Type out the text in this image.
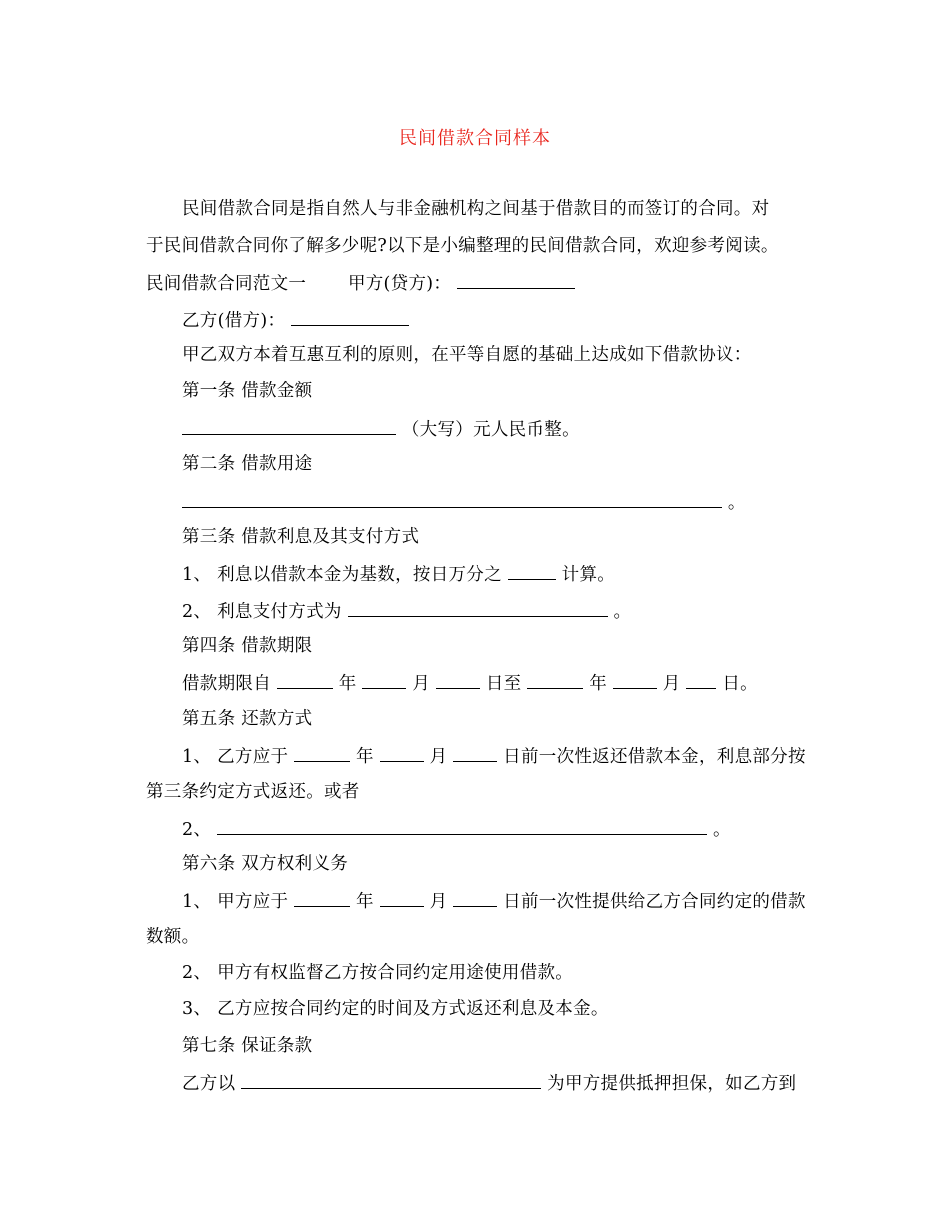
民间借款合同样本
民间借款合同是指自然人与非金融机构之间基于借款目的而签订的合同。对
于民间借款合同你了解多少呢?以下是小编整理的民间借款合同，欢迎参考阅读。
民间借款合同范文一 甲方(贷方)：
乙方(借方)：
甲乙双方本着互惠互利的原则，在平等自愿的基础上达成如下借款协议：
第一条 借款金额
（大写）元人民币整。
第二条 借款用途
。
第三条 借款利息及其支付方式
1、 利息以借款本金为基数，按日万分之	计算。
2、 利息支付方式为	。
第四条 借款期限
借款期限自	年	月	日至	年	月 日。
第五条 还款方式
1、 乙方应于	年	月	日前一次性返还借款本金，利息部分按
第三条约定方式返还。或者
2、	。
第六条 双方权利义务
1、 甲方应于	年	月	日前一次性提供给乙方合同约定的借款
数额。
2、 甲方有权监督乙方按合同约定用途使用借款。
3、 乙方应按合同约定的时间及方式返还利息及本金。
第七条 保证条款
乙方以	为甲方提供抵押担保，如乙方到
